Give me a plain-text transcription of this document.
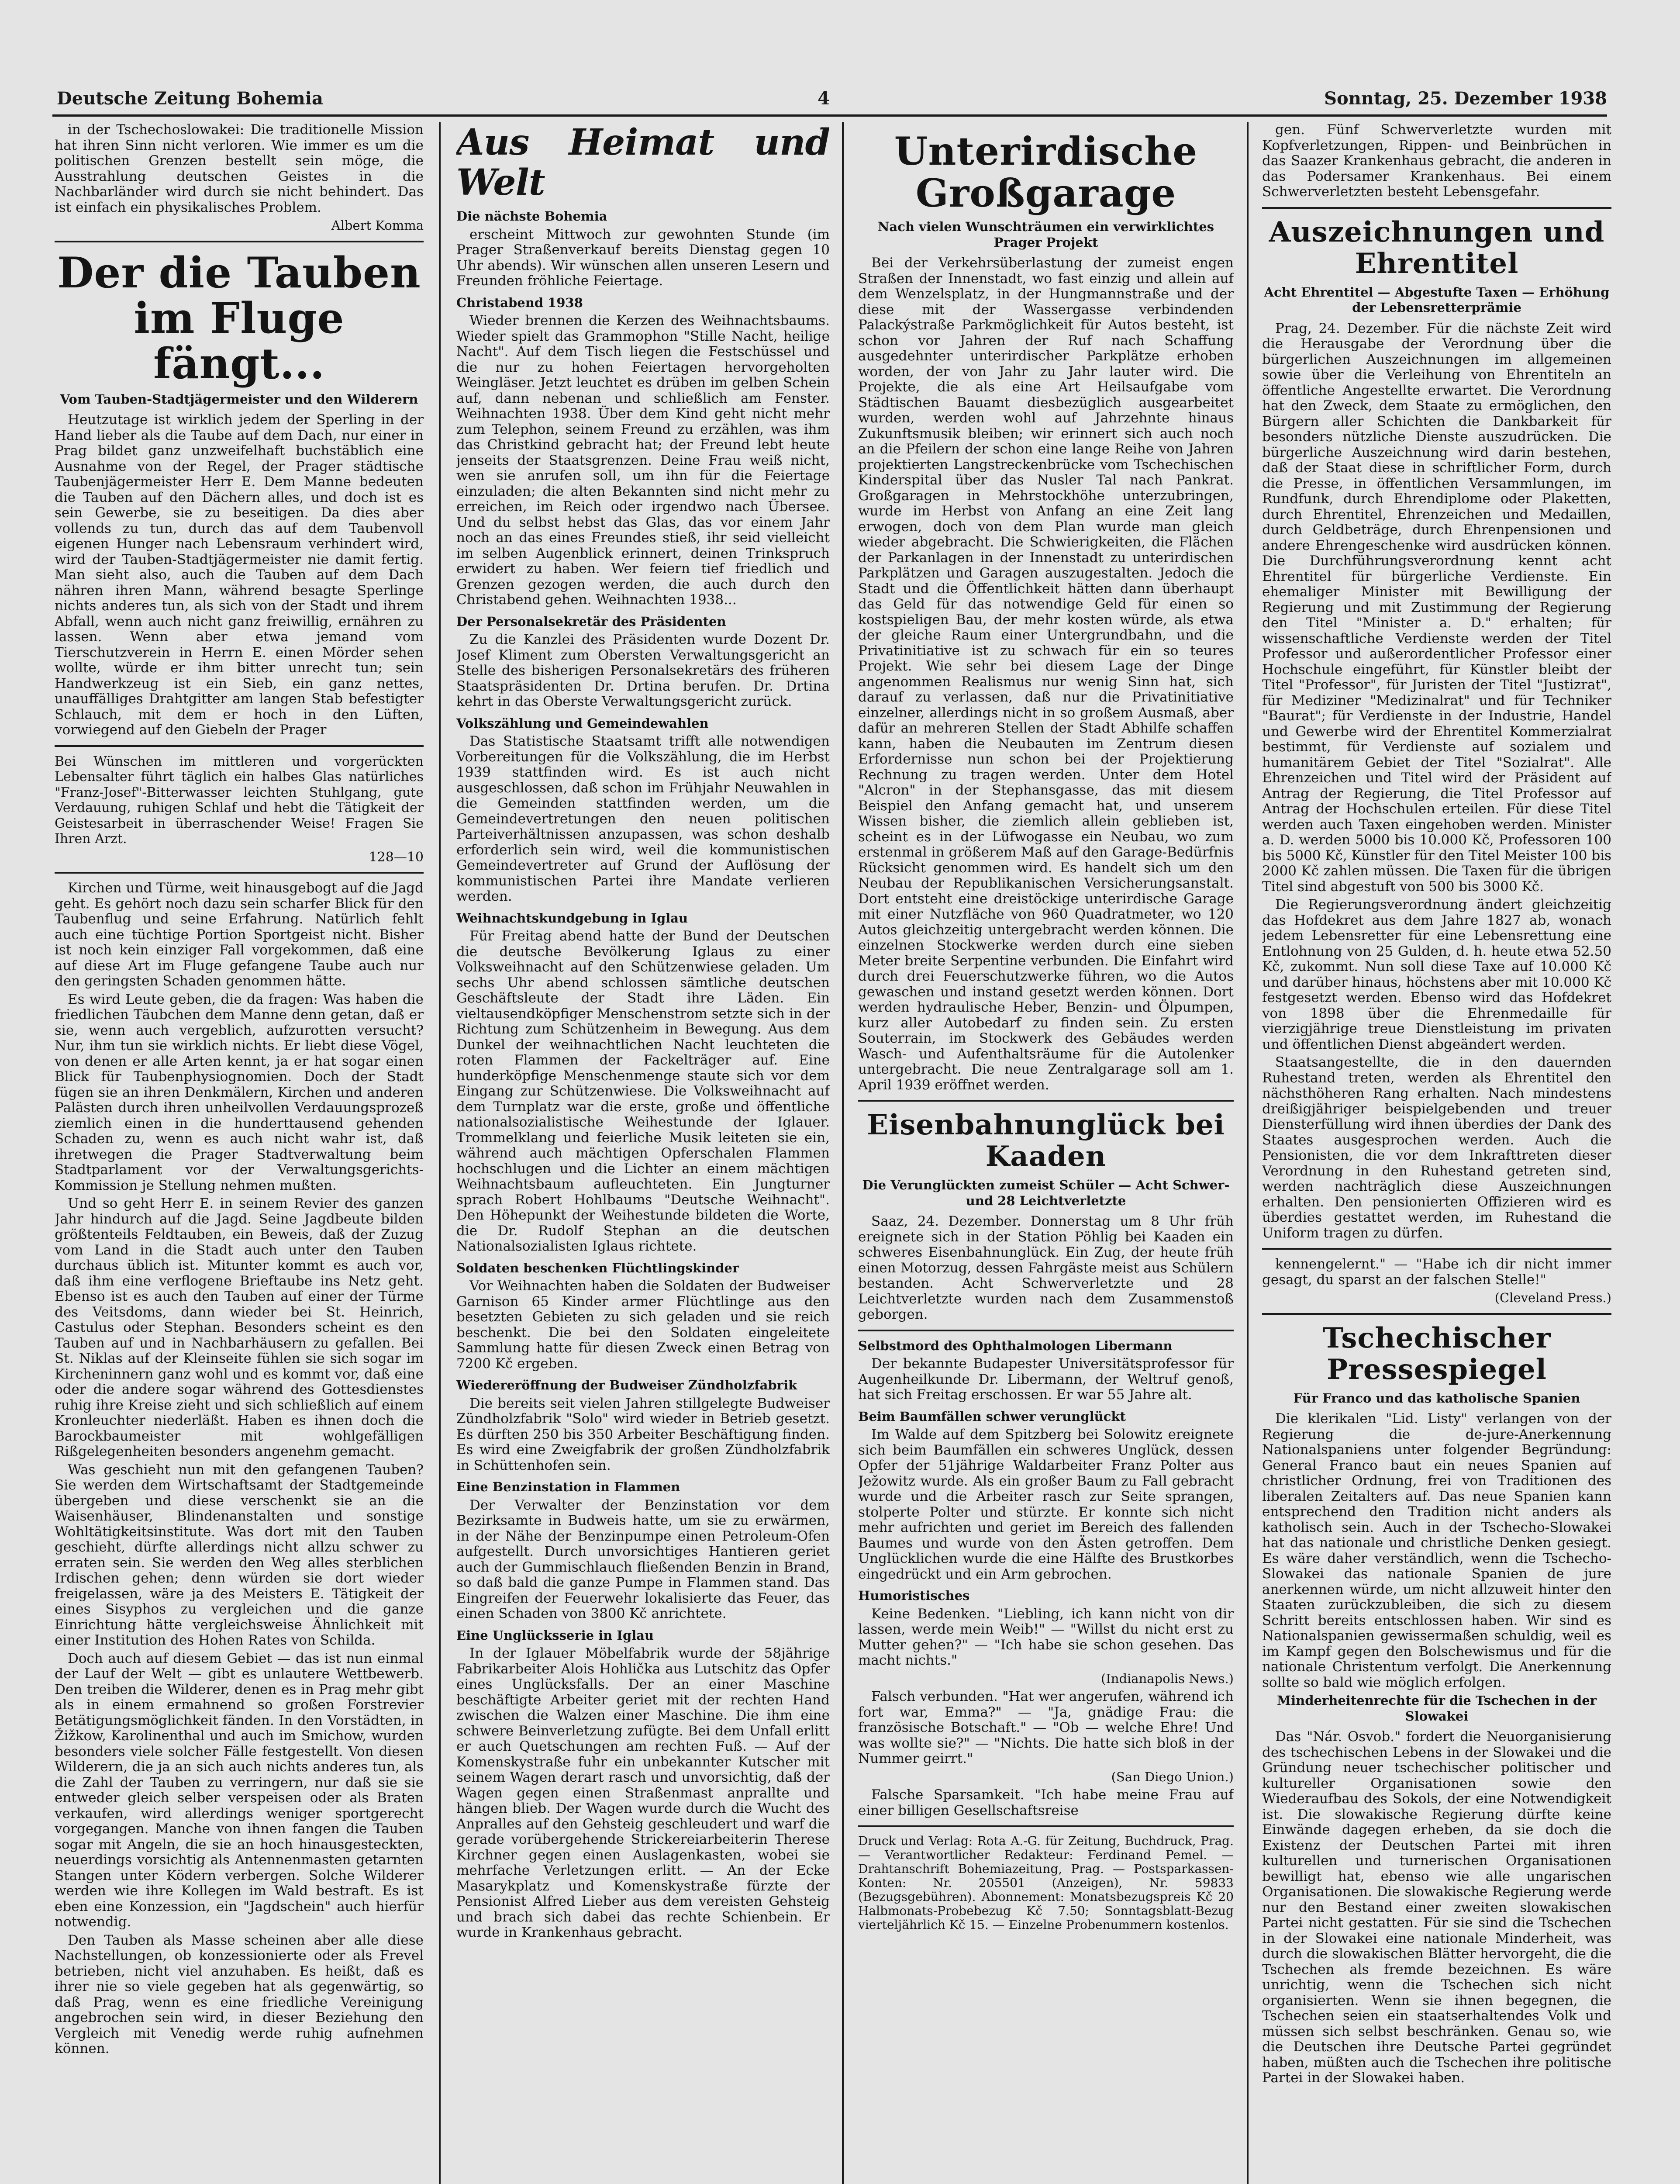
Deutsche Zeitung Bohemia	4	Sonntag, 25. Dezember 1938

in der Tschechoslowakei: Die traditionelle Mission hat ihren Sinn nicht verloren. Wie immer es um die politischen Grenzen bestellt sein möge, die Ausstrahlung deutschen Geistes in die Nachbarländer wird durch sie nicht behindert. Das ist einfach ein physikalisches Problem.

Albert Komma

Der die Tauben im Fluge fängt...

Vom Tauben-Stadtjägermeister und den Wilderern

Heutzutage ist wirklich jedem der Sperling in der Hand lieber als die Taube auf dem Dach, nur einer in Prag bildet ganz unzweifelhaft buchstäblich eine Ausnahme von der Regel, der Prager städtische Taubenjägermeister Herr E. Dem Manne bedeuten die Tauben auf den Dächern alles, und doch ist es sein Gewerbe, sie zu beseitigen. Da dies aber vollends zu tun, durch das auf dem Taubenvoll eigenen Hunger nach Lebensraum verhindert wird, wird der Tauben-Stadtjägermeister nie damit fertig. Man sieht also, auch die Tauben auf dem Dach nähren ihren Mann, während besagte Sperlinge nichts anderes tun, als sich von der Stadt und ihrem Abfall, wenn auch nicht ganz freiwillig, ernähren zu lassen. Wenn aber etwa jemand vom Tierschutzverein in Herrn E. einen Mörder sehen wollte, würde er ihm bitter unrecht tun; sein Handwerkzeug ist ein Sieb, ein ganz nettes, unauffälliges Drahtgitter am langen Stab befestigter Schlauch, mit dem er hoch in den Lüften, vorwiegend auf den Giebeln der Prager

Bei Wünschen im mittleren und vorgerückten Lebensalter führt täglich ein halbes Glas natürliches "Franz-Josef"-Bitterwasser leichten Stuhlgang, gute Verdauung, ruhigen Schlaf und hebt die Tätigkeit der Geistesarbeit in überraschender Weise! Fragen Sie Ihren Arzt.

128—10

Kirchen und Türme, weit hinausgebogt auf die Jagd geht. Es gehört noch dazu sein scharfer Blick für den Taubenflug und seine Erfahrung. Natürlich fehlt auch eine tüchtige Portion Sportgeist nicht. Bisher ist noch kein einziger Fall vorgekommen, daß eine auf diese Art im Fluge gefangene Taube auch nur den geringsten Schaden genommen hätte.

Es wird Leute geben, die da fragen: Was haben die friedlichen Täubchen dem Manne denn getan, daß er sie, wenn auch vergeblich, aufzurotten versucht? Nur, ihm tun sie wirklich nichts. Er liebt diese Vögel, von denen er alle Arten kennt, ja er hat sogar einen Blick für Taubenphysiognomien. Doch der Stadt fügen sie an ihren Denkmälern, Kirchen und anderen Palästen durch ihren unheilvollen Verdauungsprozeß ziemlich einen in die hunderttausend gehenden Schaden zu, wenn es auch nicht wahr ist, daß ihretwegen die Prager Stadtverwaltung beim Stadtparlament vor der Verwaltungsgerichts-Kommission je Stellung nehmen mußten.

Und so geht Herr E. in seinem Revier des ganzen Jahr hindurch auf die Jagd. Seine Jagdbeute bilden größtenteils Feldtauben, ein Beweis, daß der Zuzug vom Land in die Stadt auch unter den Tauben durchaus üblich ist. Mitunter kommt es auch vor, daß ihm eine verflogene Brieftaube ins Netz geht. Ebenso ist es auch den Tauben auf einer der Türme des Veitsdoms, dann wieder bei St. Heinrich, Castulus oder Stephan. Besonders scheint es den Tauben auf und in Nachbarhäusern zu gefallen. Bei St. Niklas auf der Kleinseite fühlen sie sich sogar im Kircheninnern ganz wohl und es kommt vor, daß eine oder die andere sogar während des Gottesdienstes ruhig ihre Kreise zieht und sich schließlich auf einem Kronleuchter niederläßt. Haben es ihnen doch die Barockbaumeister mit wohlgefälligen Rißgelegenheiten besonders angenehm gemacht.

Was geschieht nun mit den gefangenen Tauben? Sie werden dem Wirtschaftsamt der Stadtgemeinde übergeben und diese verschenkt sie an die Waisenhäuser, Blindenanstalten und sonstige Wohltätigkeitsinstitute. Was dort mit den Tauben geschieht, dürfte allerdings nicht allzu schwer zu erraten sein. Sie werden den Weg alles sterblichen Irdischen gehen; denn würden sie dort wieder freigelassen, wäre ja des Meisters E. Tätigkeit der eines Sisyphos zu vergleichen und die ganze Einrichtung hätte vergleichsweise Ähnlichkeit mit einer Institution des Hohen Rates von Schilda.

Doch auch auf diesem Gebiet — das ist nun einmal der Lauf der Welt — gibt es unlautere Wettbewerb. Den treiben die Wilderer, denen es in Prag mehr gibt als in einem ermahnend so großen Forstrevier Betätigungsmöglichkeit fänden. In den Vorstädten, in Žižkow, Karolinenthal und auch im Smichow, wurden besonders viele solcher Fälle festgestellt. Von diesen Wilderern, die ja an sich auch nichts anderes tun, als die Zahl der Tauben zu verringern, nur daß sie sie entweder gleich selber verspeisen oder als Braten verkaufen, wird allerdings weniger sportgerecht vorgegangen. Manche von ihnen fangen die Tauben sogar mit Angeln, die sie an hoch hinausgesteckten, neuerdings vorsichtig als Antennenmasten getarnten Stangen unter Ködern verbergen. Solche Wilderer werden wie ihre Kollegen im Wald bestraft. Es ist eben eine Konzession, ein "Jagdschein" auch hierfür notwendig.

Den Tauben als Masse scheinen aber alle diese Nachstellungen, ob konzessionierte oder als Frevel betrieben, nicht viel anzuhaben. Es heißt, daß es ihrer nie so viele gegeben hat als gegenwärtig, so daß Prag, wenn es eine friedliche Vereinigung angebrochen sein wird, in dieser Beziehung den Vergleich mit Venedig werde ruhig aufnehmen können.

Aus Heimat und Welt

Die nächste Bohemia

erscheint Mittwoch zur gewohnten Stunde (im Prager Straßenverkauf bereits Dienstag gegen 10 Uhr abends). Wir wünschen allen unseren Lesern und Freunden fröhliche Feiertage.

Christabend 1938

Wieder brennen die Kerzen des Weihnachtsbaums. Wieder spielt das Grammophon "Stille Nacht, heilige Nacht". Auf dem Tisch liegen die Festschüssel und die nur zu hohen Feiertagen hervorgeholten Weingläser. Jetzt leuchtet es drüben im gelben Schein auf, dann nebenan und schließlich am Fenster. Weihnachten 1938. Über dem Kind geht nicht mehr zum Telephon, seinem Freund zu erzählen, was ihm das Christkind gebracht hat; der Freund lebt heute jenseits der Staatsgrenzen. Deine Frau weiß nicht, wen sie anrufen soll, um ihn für die Feiertage einzuladen; die alten Bekannten sind nicht mehr zu erreichen, im Reich oder irgendwo nach Übersee. Und du selbst hebst das Glas, das vor einem Jahr noch an das eines Freundes stieß, ihr seid vielleicht im selben Augenblick erinnert, deinen Trinkspruch erwidert zu haben. Wer feiern tief friedlich und Grenzen gezogen werden, die auch durch den Christabend gehen. Weihnachten 1938...

Der Personalsekretär des Präsidenten

Zu die Kanzlei des Präsidenten wurde Dozent Dr. Josef Kliment zum Obersten Verwaltungsgericht an Stelle des bisherigen Personalsekretärs des früheren Staatspräsidenten Dr. Drtina berufen. Dr. Drtina kehrt in das Oberste Verwaltungsgericht zurück.

Volkszählung und Gemeindewahlen

Das Statistische Staatsamt trifft alle notwendigen Vorbereitungen für die Volkszählung, die im Herbst 1939 stattfinden wird. Es ist auch nicht ausgeschlossen, daß schon im Frühjahr Neuwahlen in die Gemeinden stattfinden werden, um die Gemeindevertretungen den neuen politischen Parteiverhältnissen anzupassen, was schon deshalb erforderlich sein wird, weil die kommunistischen Gemeindevertreter auf Grund der Auflösung der kommunistischen Partei ihre Mandate verlieren werden.

Weihnachtskundgebung in Iglau

Für Freitag abend hatte der Bund der Deutschen die deutsche Bevölkerung Iglaus zu einer Volksweihnacht auf den Schützenwiese geladen. Um sechs Uhr abend schlossen sämtliche deutschen Geschäftsleute der Stadt ihre Läden. Ein vieltausendköpfiger Menschenstrom setzte sich in der Richtung zum Schützenheim in Bewegung. Aus dem Dunkel der weihnachtlichen Nacht leuchteten die roten Flammen der Fackelträger auf. Eine hunderköpfige Menschenmenge staute sich vor dem Eingang zur Schützenwiese. Die Volksweihnacht auf dem Turnplatz war die erste, große und öffentliche nationalsozialistische Weihestunde der Iglauer. Trommelklang und feierliche Musik leiteten sie ein, während auch mächtigen Opferschalen Flammen hochschlugen und die Lichter an einem mächtigen Weihnachtsbaum aufleuchteten. Ein Jungturner sprach Robert Hohlbaums "Deutsche Weihnacht". Den Höhepunkt der Weihestunde bildeten die Worte, die Dr. Rudolf Stephan an die deutschen Nationalsozialisten Iglaus richtete.

Soldaten beschenken Flüchtlingskinder

Vor Weihnachten haben die Soldaten der Budweiser Garnison 65 Kinder armer Flüchtlinge aus den besetzten Gebieten zu sich geladen und sie reich beschenkt. Die bei den Soldaten eingeleitete Sammlung hatte für diesen Zweck einen Betrag von 7200 Kč ergeben.

Wiedereröffnung der Budweiser Zündholzfabrik

Die bereits seit vielen Jahren stillgelegte Budweiser Zündholzfabrik "Solo" wird wieder in Betrieb gesetzt. Es dürften 250 bis 350 Arbeiter Beschäftigung finden. Es wird eine Zweigfabrik der großen Zündholzfabrik in Schüttenhofen sein.

Eine Benzinstation in Flammen

Der Verwalter der Benzinstation vor dem Bezirksamte in Budweis hatte, um sie zu erwärmen, in der Nähe der Benzinpumpe einen Petroleum-Ofen aufgestellt. Durch unvorsichtiges Hantieren geriet auch der Gummischlauch fließenden Benzin in Brand, so daß bald die ganze Pumpe in Flammen stand. Das Eingreifen der Feuerwehr lokalisierte das Feuer, das einen Schaden von 3800 Kč anrichtete.

Eine Unglücksserie in Iglau

In der Iglauer Möbelfabrik wurde der 58jährige Fabrikarbeiter Alois Hohlička aus Lutschitz das Opfer eines Unglücksfalls. Der an einer Maschine beschäftigte Arbeiter geriet mit der rechten Hand zwischen die Walzen einer Maschine. Die ihm eine schwere Beinverletzung zufügte. Bei dem Unfall erlitt er auch Quetschungen am rechten Fuß. — Auf der Komenskystraße fuhr ein unbekannter Kutscher mit seinem Wagen derart rasch und unvorsichtig, daß der Wagen gegen einen Straßenmast anprallte und hängen blieb. Der Wagen wurde durch die Wucht des Anpralles auf den Gehsteig geschleudert und warf die gerade vorübergehende Strickereiarbeiterin Therese Kirchner gegen einen Auslagenkasten, wobei sie mehrfache Verletzungen erlitt. — An der Ecke Masarykplatz und Komenskystraße fürzte der Pensionist Alfred Lieber aus dem vereisten Gehsteig und brach sich dabei das rechte Schienbein. Er wurde in Krankenhaus gebracht.

Unterirdische Großgarage

Nach vielen Wunschträumen ein verwirklichtes Prager Projekt

Bei der Verkehrsüberlastung der zumeist engen Straßen der Innenstadt, wo fast einzig und allein auf dem Wenzelsplatz, in der Hungmannstraße und der diese mit der Wassergasse verbindenden Palackýstraße Parkmöglichkeit für Autos besteht, ist schon vor Jahren der Ruf nach Schaffung ausgedehnter unterirdischer Parkplätze erhoben worden, der von Jahr zu Jahr lauter wird. Die Projekte, die als eine Art Heilsaufgabe vom Städtischen Bauamt diesbezüglich ausgearbeitet wurden, werden wohl auf Jahrzehnte hinaus Zukunftsmusik bleiben; wir erinnert sich auch noch an die Pfeilern der schon eine lange Reihe von Jahren projektierten Langstreckenbrücke vom Tschechischen Kinderspital über das Nusler Tal nach Pankrat. Großgaragen in Mehrstockhöhe unterzubringen, wurde im Herbst von Anfang an eine Zeit lang erwogen, doch von dem Plan wurde man gleich wieder abgebracht. Die Schwierigkeiten, die Flächen der Parkanlagen in der Innenstadt zu unterirdischen Parkplätzen und Garagen auszugestalten. Jedoch die Stadt und die Öffentlichkeit hätten dann überhaupt das Geld für das notwendige Geld für einen so kostspieligen Bau, der mehr kosten würde, als etwa der gleiche Raum einer Untergrundbahn, und die Privatinitiative ist zu schwach für ein so teures Projekt. Wie sehr bei diesem Lage der Dinge angenommen Realismus nur wenig Sinn hat, sich darauf zu verlassen, daß nur die Privatinitiative einzelner, allerdings nicht in so großem Ausmaß, aber dafür an mehreren Stellen der Stadt Abhilfe schaffen kann, haben die Neubauten im Zentrum diesen Erfordernisse nun schon bei der Projektierung Rechnung zu tragen werden. Unter dem Hotel "Alcron" in der Stephansgasse, das mit diesem Beispiel den Anfang gemacht hat, und unserem Wissen bisher, die ziemlich allein geblieben ist, scheint es in der Lüfwogasse ein Neubau, wo zum erstenmal in größerem Maß auf den Garage-Bedürfnis Rücksicht genommen wird. Es handelt sich um den Neubau der Republikanischen Versicherungsanstalt. Dort entsteht eine dreistöckige unterirdische Garage mit einer Nutzfläche von 960 Quadratmeter, wo 120 Autos gleichzeitig untergebracht werden können. Die einzelnen Stockwerke werden durch eine sieben Meter breite Serpentine verbunden. Die Einfahrt wird durch drei Feuerschutzwerke führen, wo die Autos gewaschen und instand gesetzt werden können. Dort werden hydraulische Heber, Benzin- und Ölpumpen, kurz aller Autobedarf zu finden sein. Zu ersten Souterrain, im Stockwerk des Gebäudes werden Wasch- und Aufenthaltsräume für die Autolenker untergebracht. Die neue Zentralgarage soll am 1. April 1939 eröffnet werden.

Eisenbahnunglück bei Kaaden

Die Verunglückten zumeist Schüler — Acht Schwer- und 28 Leichtverletzte

Saaz, 24. Dezember. Donnerstag um 8 Uhr früh ereignete sich in der Station Pöhlig bei Kaaden ein schweres Eisenbahnunglück. Ein Zug, der heute früh einen Motorzug, dessen Fahrgäste meist aus Schülern bestanden. Acht Schwerverletzte und 28 Leichtverletzte wurden nach dem Zusammenstoß geborgen.

Selbstmord des Ophthalmologen Libermann

Der bekannte Budapester Universitätsprofessor für Augenheilkunde Dr. Libermann, der Weltruf genoß, hat sich Freitag erschossen. Er war 55 Jahre alt.

Beim Baumfällen schwer verunglückt

Im Walde auf dem Spitzberg bei Solowitz ereignete sich beim Baumfällen ein schweres Unglück, dessen Opfer der 51jährige Waldarbeiter Franz Polter aus Ježowitz wurde. Als ein großer Baum zu Fall gebracht wurde und die Arbeiter rasch zur Seite sprangen, stolperte Polter und stürzte. Er konnte sich nicht mehr aufrichten und geriet im Bereich des fallenden Baumes und wurde von den Ästen getroffen. Dem Unglücklichen wurde die eine Hälfte des Brustkorbes eingedrückt und ein Arm gebrochen.

Humoristisches

Keine Bedenken. "Liebling, ich kann nicht von dir lassen, werde mein Weib!" — "Willst du nicht erst zu Mutter gehen?" — "Ich habe sie schon gesehen. Das macht nichts."

(Indianapolis News.)

Falsch verbunden. "Hat wer angerufen, während ich fort war, Emma?" — "Ja, gnädige Frau: die französische Botschaft." — "Ob — welche Ehre! Und was wollte sie?" — "Nichts. Die hatte sich bloß in der Nummer geirrt."

(San Diego Union.)

Falsche Sparsamkeit. "Ich habe meine Frau auf einer billigen Gesellschaftsreise

Druck und Verlag: Rota A.-G. für Zeitung, Buchdruck, Prag. — Verantwortlicher Redakteur: Ferdinand Pemel. — Drahtanschrift Bohemiazeitung, Prag. — Postsparkassen-Konten: Nr. 205501 (Anzeigen), Nr. 59833 (Bezugsgebühren). Abonnement: Monatsbezugspreis Kč 20 Halbmonats-Probebezug Kč 7.50; Sonntagsblatt-Bezug vierteljährlich Kč 15. — Einzelne Probenummern kostenlos.

gen. Fünf Schwerverletzte wurden mit Kopfverletzungen, Rippen- und Beinbrüchen in das Saazer Krankenhaus gebracht, die anderen in das Podersamer Krankenhaus. Bei einem Schwerverletzten besteht Lebensgefahr.

Auszeichnungen und Ehrentitel

Acht Ehrentitel — Abgestufte Taxen — Erhöhung der Lebensretterprämie

Prag, 24. Dezember. Für die nächste Zeit wird die Herausgabe der Verordnung über die bürgerlichen Auszeichnungen im allgemeinen sowie über die Verleihung von Ehrentiteln an öffentliche Angestellte erwartet. Die Verordnung hat den Zweck, dem Staate zu ermöglichen, den Bürgern aller Schichten die Dankbarkeit für besonders nützliche Dienste auszudrücken. Die bürgerliche Auszeichnung wird darin bestehen, daß der Staat diese in schriftlicher Form, durch die Presse, in öffentlichen Versammlungen, im Rundfunk, durch Ehrendiplome oder Plaketten, durch Ehrentitel, Ehrenzeichen und Medaillen, durch Geldbeträge, durch Ehrenpensionen und andere Ehrengeschenke wird ausdrücken können. Die Durchführungsverordnung kennt acht Ehrentitel für bürgerliche Verdienste. Ein ehemaliger Minister mit Bewilligung der Regierung und mit Zustimmung der Regierung den Titel "Minister a. D." erhalten; für wissenschaftliche Verdienste werden der Titel Professor und außerordentlicher Professor einer Hochschule eingeführt, für Künstler bleibt der Titel "Professor", für Juristen der Titel "Justizrat", für Mediziner "Medizinalrat" und für Techniker "Baurat"; für Verdienste in der Industrie, Handel und Gewerbe wird der Ehrentitel Kommerzialrat bestimmt, für Verdienste auf sozialem und humanitärem Gebiet der Titel "Sozialrat". Alle Ehrenzeichen und Titel wird der Präsident auf Antrag der Regierung, die Titel Professor auf Antrag der Hochschulen erteilen. Für diese Titel werden auch Taxen eingehoben werden. Minister a. D. werden 5000 bis 10.000 Kč, Professoren 100 bis 5000 Kč, Künstler für den Titel Meister 100 bis 2000 Kč zahlen müssen. Die Taxen für die übrigen Titel sind abgestuft von 500 bis 3000 Kč.

Die Regierungsverordnung ändert gleichzeitig das Hofdekret aus dem Jahre 1827 ab, wonach jedem Lebensretter für eine Lebensrettung eine Entlohnung von 25 Gulden, d. h. heute etwa 52.50 Kč, zukommt. Nun soll diese Taxe auf 10.000 Kč und darüber hinaus, höchstens aber mit 10.000 Kč festgesetzt werden. Ebenso wird das Hofdekret von 1898 über die Ehrenmedaille für vierzigjährige treue Dienstleistung im privaten und öffentlichen Dienst abgeändert werden.

Staatsangestellte, die in den dauernden Ruhestand treten, werden als Ehrentitel den nächsthöheren Rang erhalten. Nach mindestens dreißigjähriger beispielgebenden und treuer Diensterfüllung wird ihnen überdies der Dank des Staates ausgesprochen werden. Auch die Pensionisten, die vor dem Inkrafttreten dieser Verordnung in den Ruhestand getreten sind, werden nachträglich diese Auszeichnungen erhalten. Den pensionierten Offizieren wird es überdies gestattet werden, im Ruhestand die Uniform tragen zu dürfen.

kennengelernt." — "Habe ich dir nicht immer gesagt, du sparst an der falschen Stelle!"

(Cleveland Press.)

Tschechischer Pressespiegel

Für Franco und das katholische Spanien

Die klerikalen "Lid. Listy" verlangen von der Regierung die de-jure-Anerkennung Nationalspaniens unter folgender Begründung: General Franco baut ein neues Spanien auf christlicher Ordnung, frei von Traditionen des liberalen Zeitalters auf. Das neue Spanien kann entsprechend den Tradition nicht anders als katholisch sein. Auch in der Tschecho-Slowakei hat das nationale und christliche Denken gesiegt. Es wäre daher verständlich, wenn die Tschecho-Slowakei das nationale Spanien de jure anerkennen würde, um nicht allzuweit hinter den Staaten zurückzubleiben, die sich zu diesem Schritt bereits entschlossen haben. Wir sind es Nationalspanien gewissermaßen schuldig, weil es im Kampf gegen den Bolschewismus und für die nationale Christentum verfolgt. Die Anerkennung sollte so bald wie möglich erfolgen.

Minderheitenrechte für die Tschechen in der Slowakei

Das "Nár. Osvob." fordert die Neuorganisierung des tschechischen Lebens in der Slowakei und die Gründung neuer tschechischer politischer und kultureller Organisationen sowie den Wiederaufbau des Sokols, der eine Notwendigkeit ist. Die slowakische Regierung dürfte keine Einwände dagegen erheben, da sie doch die Existenz der Deutschen Partei mit ihren kulturellen und turnerischen Organisationen bewilligt hat, ebenso wie alle ungarischen Organisationen. Die slowakische Regierung werde nur den Bestand einer zweiten slowakischen Partei nicht gestatten. Für sie sind die Tschechen in der Slowakei eine nationale Minderheit, was durch die slowakischen Blätter hervorgeht, die die Tschechen als fremde bezeichnen. Es wäre unrichtig, wenn die Tschechen sich nicht organisierten. Wenn sie ihnen begegnen, die Tschechen seien ein staatserhaltendes Volk und müssen sich selbst beschränken. Genau so, wie die Deutschen ihre Deutsche Partei gegründet haben, müßten auch die Tschechen ihre politische Partei in der Slowakei haben.
